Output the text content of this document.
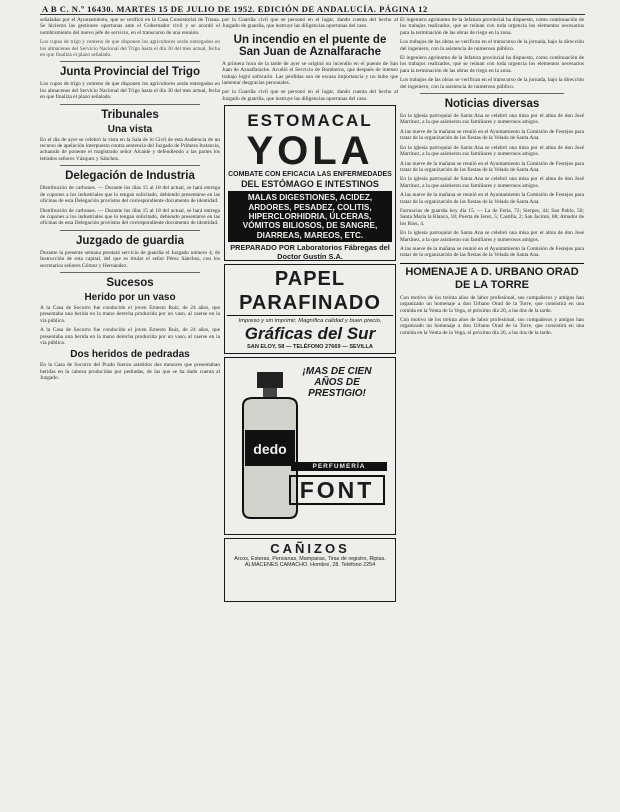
A B C. N.º 16430. MARTES 15 DE JULIO DE 1952. EDICIÓN DE ANDALUCÍA. PÁGINA 12

señaladas por el Ayuntamiento, que se verificó en la Casa Consistorial de Triana. Se hicieron las gestiones oportunas ante el Gobernador civil y se acordó el nombramiento del nuevo jefe de servicio, en el transcurso de una reunión.

Los cupos de trigo y centeno de que disponen los agricultores serán entregados en los almacenes del Servicio Nacional del Trigo hasta el día 30 del mes actual, fecha en que finaliza el plazo señalado.

Junta Provincial del Trigo

Los cupos de trigo y centeno de que disponen los agricultores serán entregados en los almacenes del Servicio Nacional del Trigo hasta el día 30 del mes actual, fecha en que finaliza el plazo señalado.

Tribunales
Una vista

En el día de ayer se celebró la vista en la Sala de lo Civil de esta Audiencia de un recurso de apelación interpuesto contra sentencia del Juzgado de Primera Instancia, actuando de ponente el magistrado señor Alcaide y defendiendo a las partes los letrados señores Vázquez y Sánchez.

Delegación de Industria

Distribución de carbones. — Durante los días 15 al 18 del actual, se hará entrega de cupones a los industriales que lo tengan solicitado, debiendo presentarse en las oficinas de esta Delegación provistos del correspondiente documento de identidad.

Distribución de carbones. — Durante los días 15 al 18 del actual, se hará entrega de cupones a los industriales que lo tengan solicitado, debiendo presentarse en las oficinas de esta Delegación provistos del correspondiente documento de identidad.

Juzgado de guardia

Durante la presente semana prestará servicio de guardia el Juzgado número 4, de Instrucción de esta capital, del que es titular el señor Pérez Sánchez, con los secretarios señores Gómez y Hernández.

Sucesos
Herido por un vaso

A la Casa de Socorro fue conducido el joven Ernesto Ruiz, de 24 años, que presentaba una herida en la mano derecha producida por un vaso, al caerse en la vía pública.

A la Casa de Socorro fue conducido el joven Ernesto Ruiz, de 24 años, que presentaba una herida en la mano derecha producida por un vaso, al caerse en la vía pública.

Dos heridos de pedradas

En la Casa de Socorro del Prado fueron asistidos dos menores que presentaban heridas en la cabeza producidas por pedradas, de las que se ha dado cuenta al Juzgado.

por la Guardia civil que se personó en el lugar, dando cuenta del hecho al Juzgado de guardia, que instruye las diligencias oportunas del caso.

Un incendio en el puente de San Juan de Aznalfarache

A primera hora de la tarde de ayer se originó un incendio en el puente de San Juan de Aznalfarache. Acudió el Servicio de Bomberos, que después de intenso trabajo logró sofocarlo. Las pérdidas son de escasa importancia y no hubo que lamentar desgracias personales.

por la Guardia civil que se personó en el lugar, dando cuenta del hecho al Juzgado de guardia, que instruye las diligencias oportunas del caso.

ESTOMACAL
YOLA
COMBATE CON EFICACIA LAS ENFERMEDADES
DEL ESTÓMAGO E INTESTINOS
MALAS DIGESTIONES, ACIDEZ, ARDORES, PESADEZ, COLITIS, HIPERCLORHIDRIA, ÚLCERAS, VÓMITOS BILIOSOS, DE SANGRE, DIARREAS, MAREOS, ETC.
PREPARADO POR Laboratorios Fábregas del Doctor Gustín S.A.
PAPEL PARAFINADO
Impreso y sin imprimir. Magnífica calidad y buen precio.
Gráficas del Sur
SAN ELOY, 58 — TELÉFONO 27669 — SEVILLA
dedo
¡MAS DE CIEN AÑOS DE PRESTIGIO!
PERFUMERÍA
FONT
CAÑIZOS
Arcos, Esteras, Persianas, Mamparas, Tiras de registro, Ripias. ALMACENES CAMACHO. Hombre, 28. Teléfono 2254

El ingeniero agrónomo de la Jefatura provincial ha dispuesto, como continuación de los trabajos realizados, que se reúnan con toda urgencia los elementos necesarios para la terminación de las obras de riego en la zona.

Los trabajos de las obras se verifican en el transcurso de la jornada, bajo la dirección del ingeniero, con la asistencia de numeroso público.

El ingeniero agrónomo de la Jefatura provincial ha dispuesto, como continuación de los trabajos realizados, que se reúnan con toda urgencia los elementos necesarios para la terminación de las obras de riego en la zona.

Los trabajos de las obras se verifican en el transcurso de la jornada, bajo la dirección del ingeniero, con la asistencia de numeroso público.

Noticias diversas

En la iglesia parroquial de Santa Ana se celebró una misa por el alma de don José Martínez, a la que asistieron sus familiares y numerosos amigos.

A las nueve de la mañana se reunió en el Ayuntamiento la Comisión de Festejos para tratar de la organización de las fiestas de la Velada de Santa Ana.

En la iglesia parroquial de Santa Ana se celebró una misa por el alma de don José Martínez, a la que asistieron sus familiares y numerosos amigos.

A las nueve de la mañana se reunió en el Ayuntamiento la Comisión de Festejos para tratar de la organización de las fiestas de la Velada de Santa Ana.

En la iglesia parroquial de Santa Ana se celebró una misa por el alma de don José Martínez, a la que asistieron sus familiares y numerosos amigos.

A las nueve de la mañana se reunió en el Ayuntamiento la Comisión de Festejos para tratar de la organización de las fiestas de la Velada de Santa Ana.

Farmacias de guardia hoy día 15. — La de Feria, 72; Sierpes, 44; San Pablo, 50; Santa María la Blanca, 18; Puerta de Jerez, 5; Castilla, 2; San Jacinto, 88; Amador de los Ríos, 4.

En la iglesia parroquial de Santa Ana se celebró una misa por el alma de don José Martínez, a la que asistieron sus familiares y numerosos amigos.

A las nueve de la mañana se reunió en el Ayuntamiento la Comisión de Festejos para tratar de la organización de las fiestas de la Velada de Santa Ana.

HOMENAJE A D. URBANO ORAD DE LA TORRE

Con motivo de los treinta años de labor profesional, sus compañeros y amigos han organizado un homenaje a don Urbano Orad de la Torre, que consistirá en una comida en la Venta de la Vega, el próximo día 20, a las dos de la tarde.

Con motivo de los treinta años de labor profesional, sus compañeros y amigos han organizado un homenaje a don Urbano Orad de la Torre, que consistirá en una comida en la Venta de la Vega, el próximo día 20, a las dos de la tarde.
